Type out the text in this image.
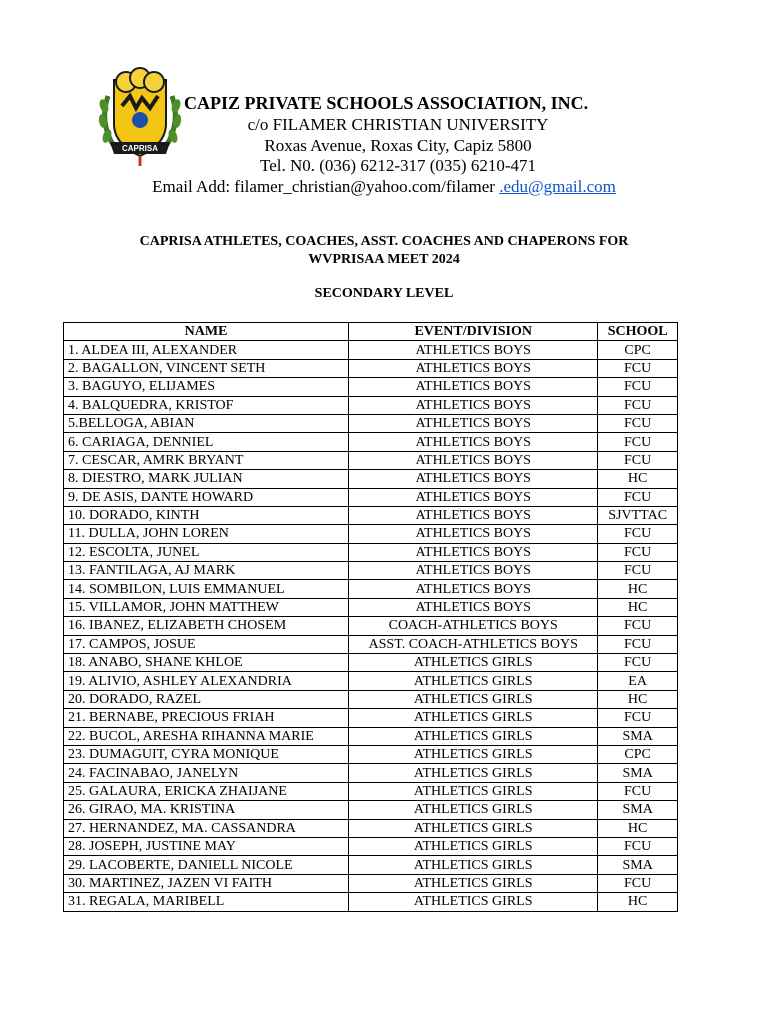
CAPRISA
CAPIZ PRIVATE SCHOOLS ASSOCIATION, INC.
c/o FILAMER CHRISTIAN UNIVERSITY
Roxas Avenue, Roxas City, Capiz 5800
Tel. N0. (036) 6212-317 (035) 6210-471
Email Add: filamer_christian@yahoo.com/filamer .edu@gmail.com
CAPRISA ATHLETES, COACHES, ASST. COACHES AND CHAPERONS FOR
WVPRISAA MEET 2024
SECONDARY LEVEL
NAME	EVENT/DIVISION	SCHOOL
1. ALDEA III, ALEXANDER	ATHLETICS BOYS	CPC
2. BAGALLON, VINCENT SETH	ATHLETICS BOYS	FCU
3. BAGUYO, ELIJAMES	ATHLETICS BOYS	FCU
4. BALQUEDRA, KRISTOF	ATHLETICS BOYS	FCU
5.BELLOGA, ABIAN	ATHLETICS BOYS	FCU
6. CARIAGA, DENNIEL	ATHLETICS BOYS	FCU
7. CESCAR, AMRK BRYANT	ATHLETICS BOYS	FCU
8. DIESTRO, MARK JULIAN	ATHLETICS BOYS	HC
9. DE ASIS, DANTE HOWARD	ATHLETICS BOYS	FCU
10. DORADO, KINTH	ATHLETICS BOYS	SJVTTAC
11. DULLA, JOHN LOREN	ATHLETICS BOYS	FCU
12. ESCOLTA, JUNEL	ATHLETICS BOYS	FCU
13. FANTILAGA, AJ MARK	ATHLETICS BOYS	FCU
14. SOMBILON, LUIS EMMANUEL	ATHLETICS BOYS	HC
15. VILLAMOR, JOHN MATTHEW	ATHLETICS BOYS	HC
16. IBANEZ, ELIZABETH CHOSEM	COACH-ATHLETICS BOYS	FCU
17. CAMPOS, JOSUE	ASST. COACH-ATHLETICS BOYS	FCU
18. ANABO, SHANE KHLOE	ATHLETICS GIRLS	FCU
19. ALIVIO, ASHLEY ALEXANDRIA	ATHLETICS GIRLS	EA
20. DORADO, RAZEL	ATHLETICS GIRLS	HC
21. BERNABE, PRECIOUS FRIAH	ATHLETICS GIRLS	FCU
22. BUCOL, ARESHA RIHANNA MARIE	ATHLETICS GIRLS	SMA
23. DUMAGUIT, CYRA MONIQUE	ATHLETICS GIRLS	CPC
24. FACINABAO, JANELYN	ATHLETICS GIRLS	SMA
25. GALAURA, ERICKA ZHAIJANE	ATHLETICS GIRLS	FCU
26. GIRAO, MA. KRISTINA	ATHLETICS GIRLS	SMA
27. HERNANDEZ, MA. CASSANDRA	ATHLETICS GIRLS	HC
28. JOSEPH, JUSTINE MAY	ATHLETICS GIRLS	FCU
29. LACOBERTE, DANIELL NICOLE	ATHLETICS GIRLS	SMA
30. MARTINEZ, JAZEN VI FAITH	ATHLETICS GIRLS	FCU
31. REGALA, MARIBELL	ATHLETICS GIRLS	HC
